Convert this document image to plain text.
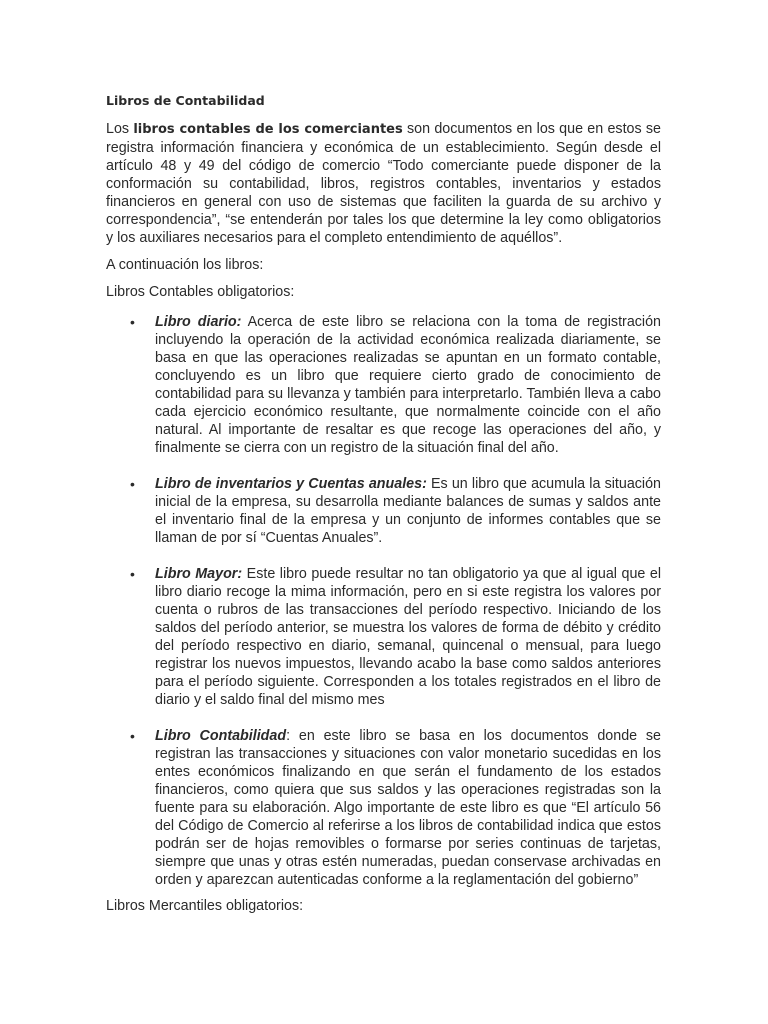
Libros de Contabilidad

Los libros contables de los comerciantes son documentos en los que en estos se registra información financiera y económica de un establecimiento. Según desde el artículo 48 y 49 del código de comercio “Todo comerciante puede disponer de la conformación su contabilidad, libros, registros contables, inventarios y estados financieros en general con uso de sistemas que faciliten la guarda de su archivo y correspondencia”, “se entenderán por tales los que determine la ley como obligatorios y los auxiliares necesarios para el completo entendimiento de aquéllos”.

A continuación los libros:

Libros Contables obligatorios:

• Libro diario: Acerca de este libro se relaciona con la toma de registración incluyendo la operación de la actividad económica realizada diariamente, se basa en que las operaciones realizadas se apuntan en un formato contable, concluyendo es un libro que requiere cierto grado de conocimiento de contabilidad para su llevanza y también para interpretarlo. También lleva a cabo cada ejercicio económico resultante, que normalmente coincide con el año natural. Al importante de resaltar es que recoge las operaciones del año, y finalmente se cierra con un registro de la situación final del año.
• Libro de inventarios y Cuentas anuales: Es un libro que acumula la situación inicial de la empresa, su desarrolla mediante balances de sumas y saldos ante el inventario final de la empresa y un conjunto de informes contables que se llaman de por sí “Cuentas Anuales”.
• Libro Mayor: Este libro puede resultar no tan obligatorio ya que al igual que el libro diario recoge la mima información, pero en si este registra los valores por cuenta o rubros de las transacciones del período respectivo. Iniciando de los saldos del período anterior, se muestra los valores de forma de débito y crédito del período respectivo en diario, semanal, quincenal o mensual, para luego registrar los nuevos impuestos, llevando acabo la base como saldos anteriores para el período siguiente. Corresponden a los totales registrados en el libro de diario y el saldo final del mismo mes
• Libro Contabilidad: en este libro se basa en los documentos donde se registran las transacciones y situaciones con valor monetario sucedidas en los entes económicos finalizando en que serán el fundamento de los estados financieros, como quiera que sus saldos y las operaciones registradas son la fuente para su elaboración. Algo importante de este libro es que “El artículo 56 del Código de Comercio al referirse a los libros de contabilidad indica que estos podrán ser de hojas removibles o formarse por series continuas de tarjetas, siempre que unas y otras estén numeradas, puedan conservase archivadas en orden y aparezcan autenticadas conforme a la reglamentación del gobierno”

Libros Mercantiles obligatorios:
